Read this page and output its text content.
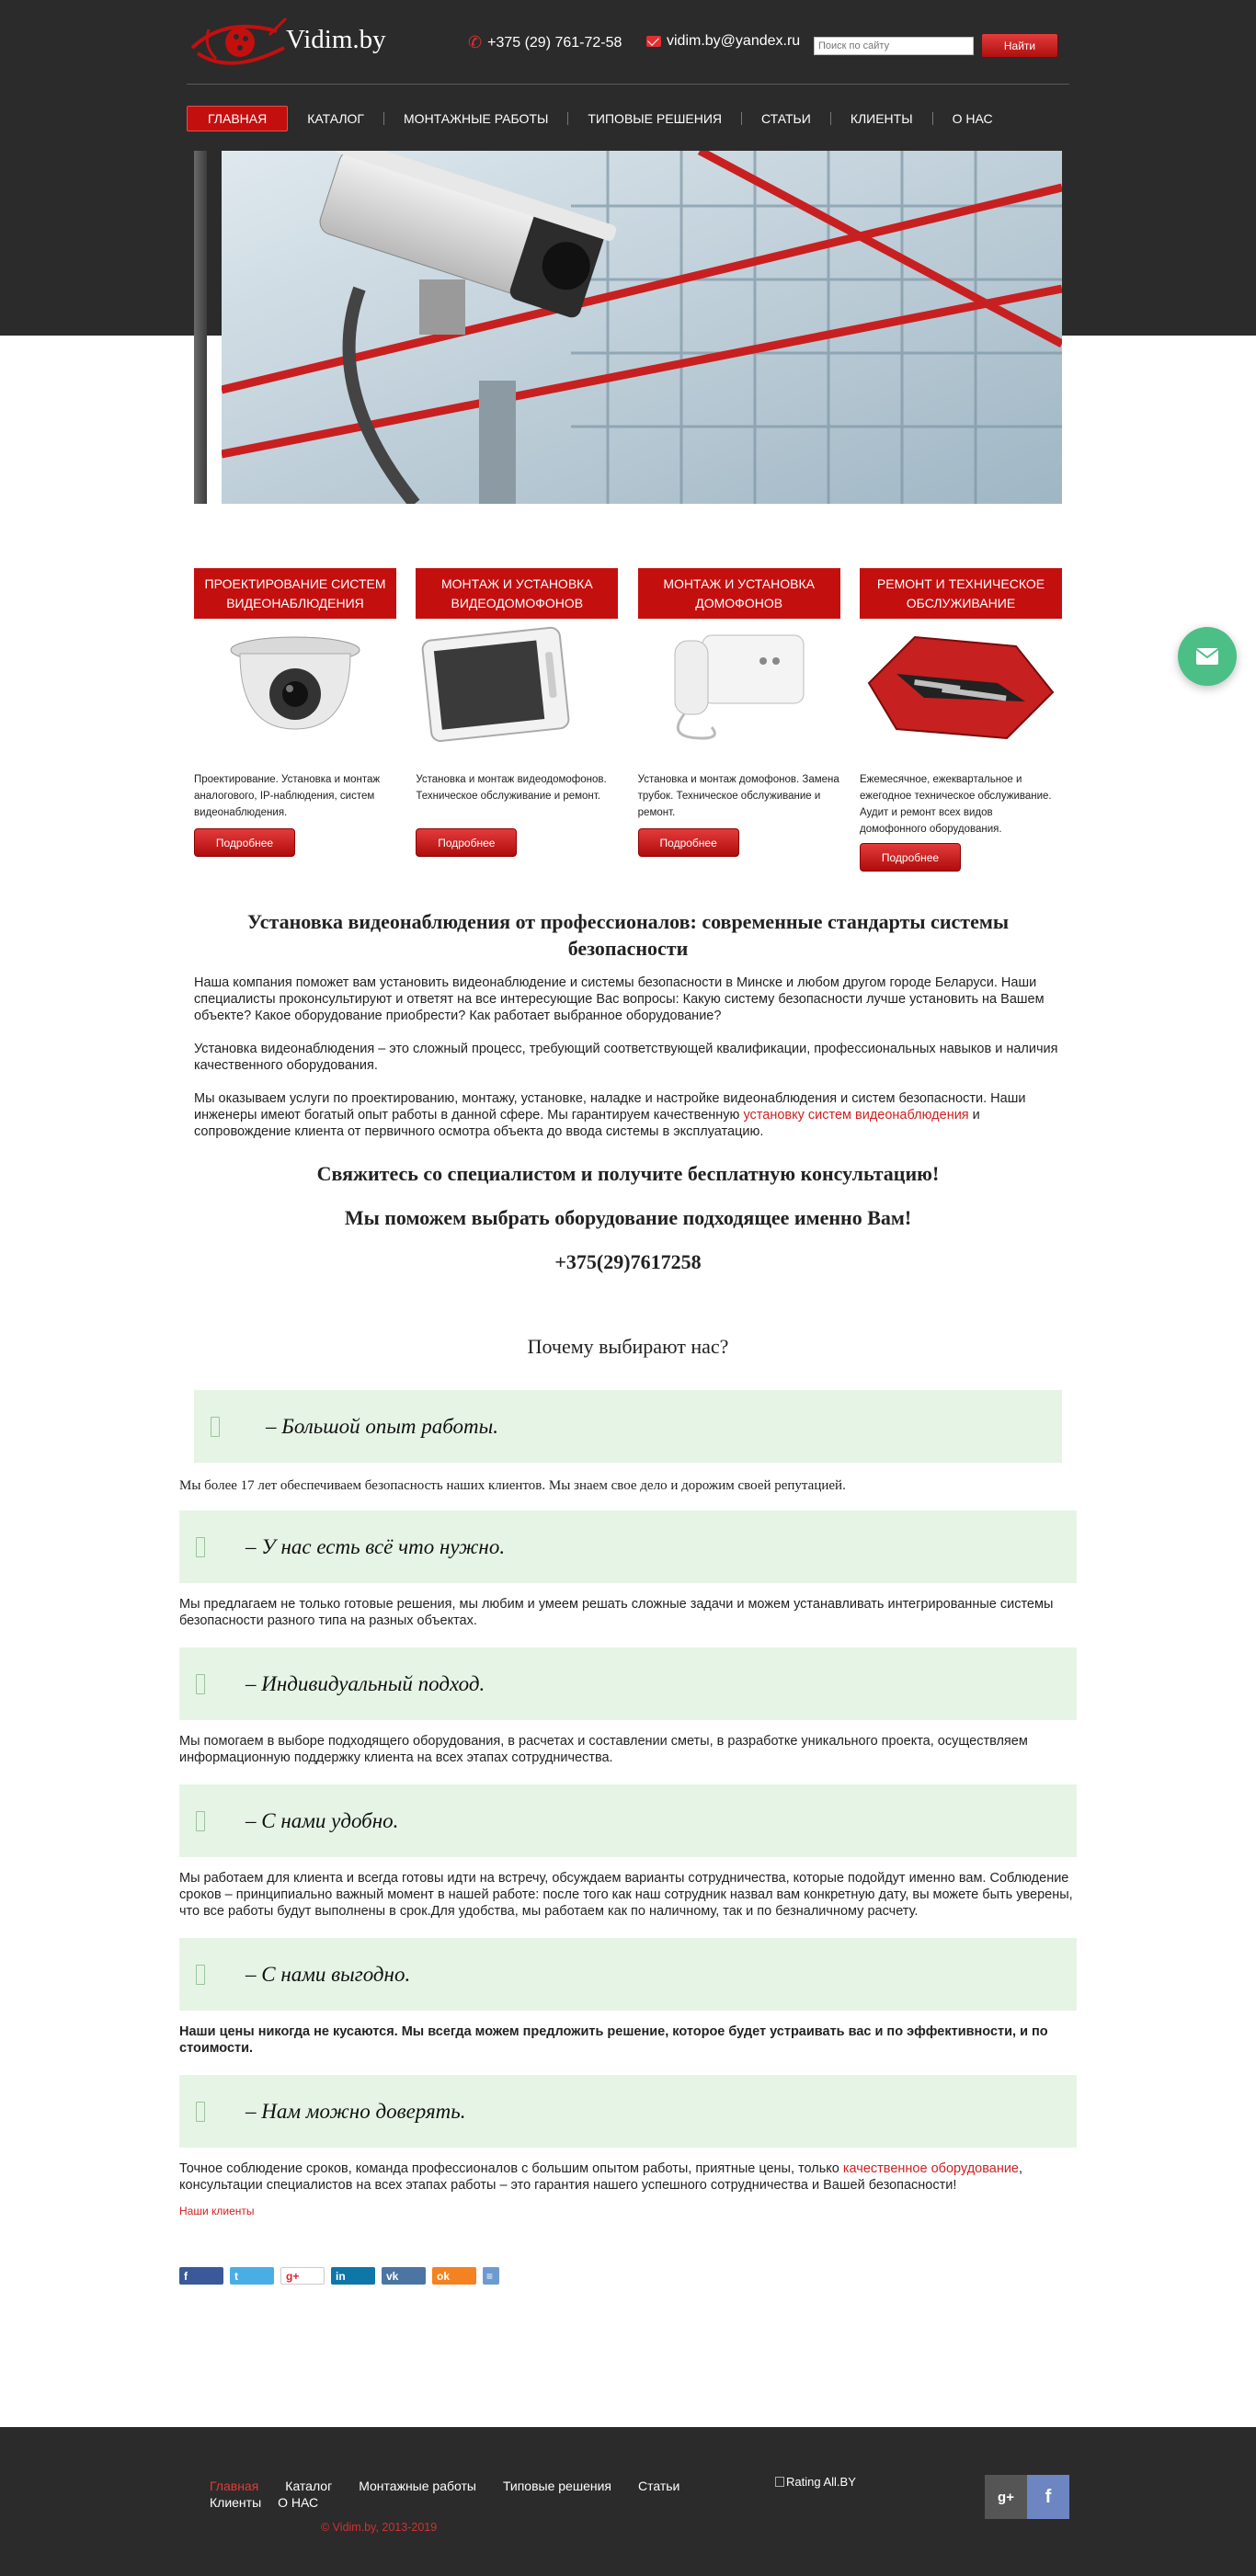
Vidim.by	✆ +375 (29) 761-72-58	vidim.by@yandex.ru
Поиск по сайту	Найти
ГЛАВНАЯ	КАТАЛОГ	МОНТАЖНЫЕ РАБОТЫ	ТИПОВЫЕ РЕШЕНИЯ	СТАТЬИ	КЛИЕНТЫ	О НАС
ПРОЕКТИРОВАНИЕ СИСТЕМ ВИДЕОНАБЛЮДЕНИЯ
Проектирование. Установка и монтаж аналогового, IP-наблюдения, систем видеонаблюдения.
Подробнее
МОНТАЖ И УСТАНОВКА ВИДЕОДОМОФОНОВ
Установка и монтаж видеодомофонов. Техническое обслуживание и ремонт.
Подробнее
МОНТАЖ И УСТАНОВКА ДОМОФОНОВ
Установка и монтаж домофонов. Замена трубок. Техническое обслуживание и ремонт.
Подробнее
РЕМОНТ И ТЕХНИЧЕСКОЕ ОБСЛУЖИВАНИЕ
Ежемесячное, ежеквартальное и ежегодное техническое обслуживание. Аудит и ремонт всех видов домофонного оборудования.
Подробнее
Установка видеонаблюдения от профессионалов: современные стандарты системы безопасности

Наша компания поможет вам установить видеонаблюдение и системы безопасности в Минске и любом другом городе Беларуси. Наши специалисты проконсультируют и ответят на все интересующие Вас вопросы: Какую систему безопасности лучше установить на Вашем объекте? Какое оборудование приобрести? Как работает выбранное оборудование?

Установка видеонаблюдения – это сложный процесс, требующий соответствующей квалификации, профессиональных навыков и наличия качественного оборудования.

Мы оказываем услуги по проектированию, монтажу, установке, наладке и настройке видеонаблюдения и систем безопасности. Наши инженеры имеют богатый опыт работы в данной сфере. Мы гарантируем качественную установку систем видеонаблюдения и сопровождение клиента от первичного осмотра объекта до ввода системы в эксплуатацию.

Свяжитесь со специалистом и получите бесплатную консультацию!
Мы поможем выбрать оборудование подходящее именно Вам!
+375(29)7617258
Почему выбирают нас?
– Большой опыт работы.
Мы более 17 лет обеспечиваем безопасность наших клиентов. Мы знаем свое дело и дорожим своей репутацией.
– У нас есть всё что нужно.
Мы предлагаем не только готовые решения, мы любим и умеем решать сложные задачи и можем устанавливать интегрированные системы безопасности разного типа на разных объектах.
– Индивидуальный подход.
Мы помогаем в выборе подходящего оборудования, в расчетах и составлении сметы, в разработке уникального проекта, осуществляем информационную поддержку клиента на всех этапах сотрудничества.
– С нами удобно.
Мы работаем для клиента и всегда готовы идти на встречу, обсуждаем варианты сотрудничества, которые подойдут именно вам. Соблюдение сроков – принципиально важный момент в нашей работе: после того как наш сотрудник назвал вам конкретную дату, вы можете быть уверены, что все работы будут выполнены в срок.Для удобства, мы работаем как по наличному, так и по безналичному расчету.
– С нами выгодно.
Наши цены никогда не кусаются. Мы всегда можем предложить решение, которое будет устраивать вас и по эффективности, и по стоимости.
– Нам можно доверять.
Точное соблюдение сроков, команда профессионалов с большим опытом работы, приятные цены, только качественное оборудование, консультации специалистов на всех этапах работы – это гарантия нашего успешного сотрудничества и Вашей безопасности!
Наши клиенты
f	t	g+	in	vk	ok	≡
Главная Каталог Монтажные работы Типовые решения Статьи
Клиенты О НАС
© Vidim.by, 2013-2019
Rating All.BY
g+ f
